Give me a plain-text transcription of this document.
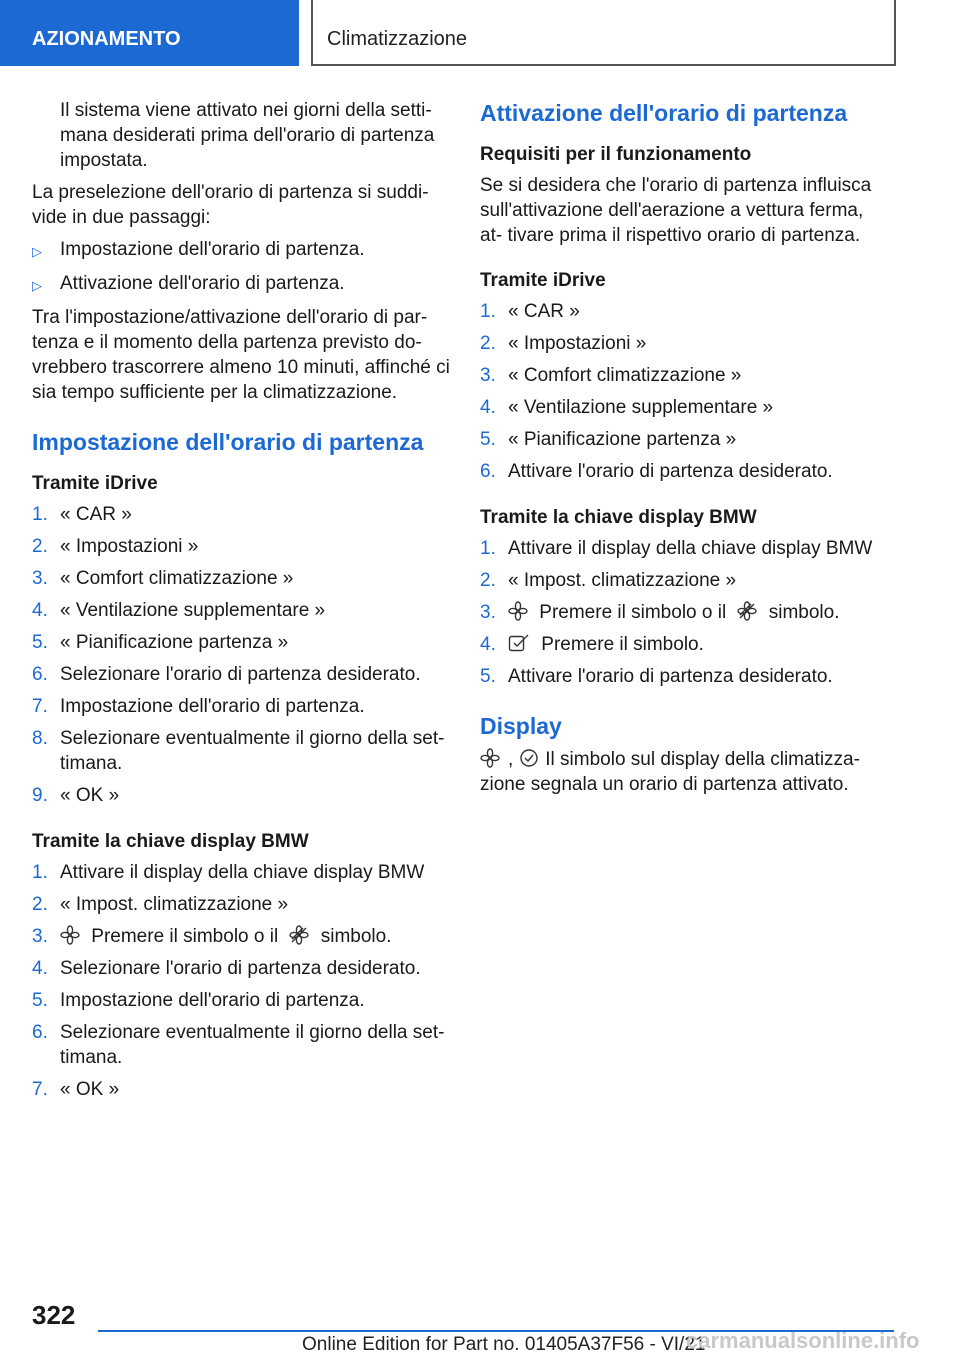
AZIONAMENTO	Climatizzazione

Il sistema viene attivato nei giorni della setti- mana desiderati prima dell'orario di partenza impostata.

La preselezione dell'orario di partenza si suddi- vide in due passaggi:

▷ Impostazione dell'orario di partenza.
▷ Attivazione dell'orario di partenza.

Tra l'impostazione/attivazione dell'orario di par- tenza e il momento della partenza previsto do- vrebbero trascorrere almeno 10 minuti, affinché ci sia tempo sufficiente per la climatizzazione.

Impostazione dell'orario di partenza
Tramite iDrive
1. « CAR »
2. « Impostazioni »
3. « Comfort climatizzazione »
4. « Ventilazione supplementare »
5. « Pianificazione partenza »
6. Selezionare l'orario di partenza desiderato.
7. Impostazione dell'orario di partenza.
8. Selezionare eventualmente il giorno della set- timana.
9. « OK »
Tramite la chiave display BMW
1. Attivare il display della chiave display BMW
2. « Impost. climatizzazione »
3.	Premere il simbolo o il simbolo.
4. Selezionare l'orario di partenza desiderato.
5. Impostazione dell'orario di partenza.
6. Selezionare eventualmente il giorno della set- timana.
7. « OK »
Attivazione dell'orario di partenza
Requisiti per il funzionamento

Se si desidera che l'orario di partenza influisca sull'attivazione dell'aerazione a vettura ferma, at- tivare prima il rispettivo orario di partenza.

Tramite iDrive
1. « CAR »
2. « Impostazioni »
3. « Comfort climatizzazione »
4. « Ventilazione supplementare »
5. « Pianificazione partenza »
6. Attivare l'orario di partenza desiderato.
Tramite la chiave display BMW
1. Attivare il display della chiave display BMW
2. « Impost. climatizzazione »
3.	Premere il simbolo o il simbolo.
4.	Premere il simbolo.
5. Attivare l'orario di partenza desiderato.
Display

, Il simbolo sul display della climatizza- zione segnala un orario di partenza attivato.

322
Online Edition for Part no. 01405A37F56 - VI/21
carmanualsonline.info
